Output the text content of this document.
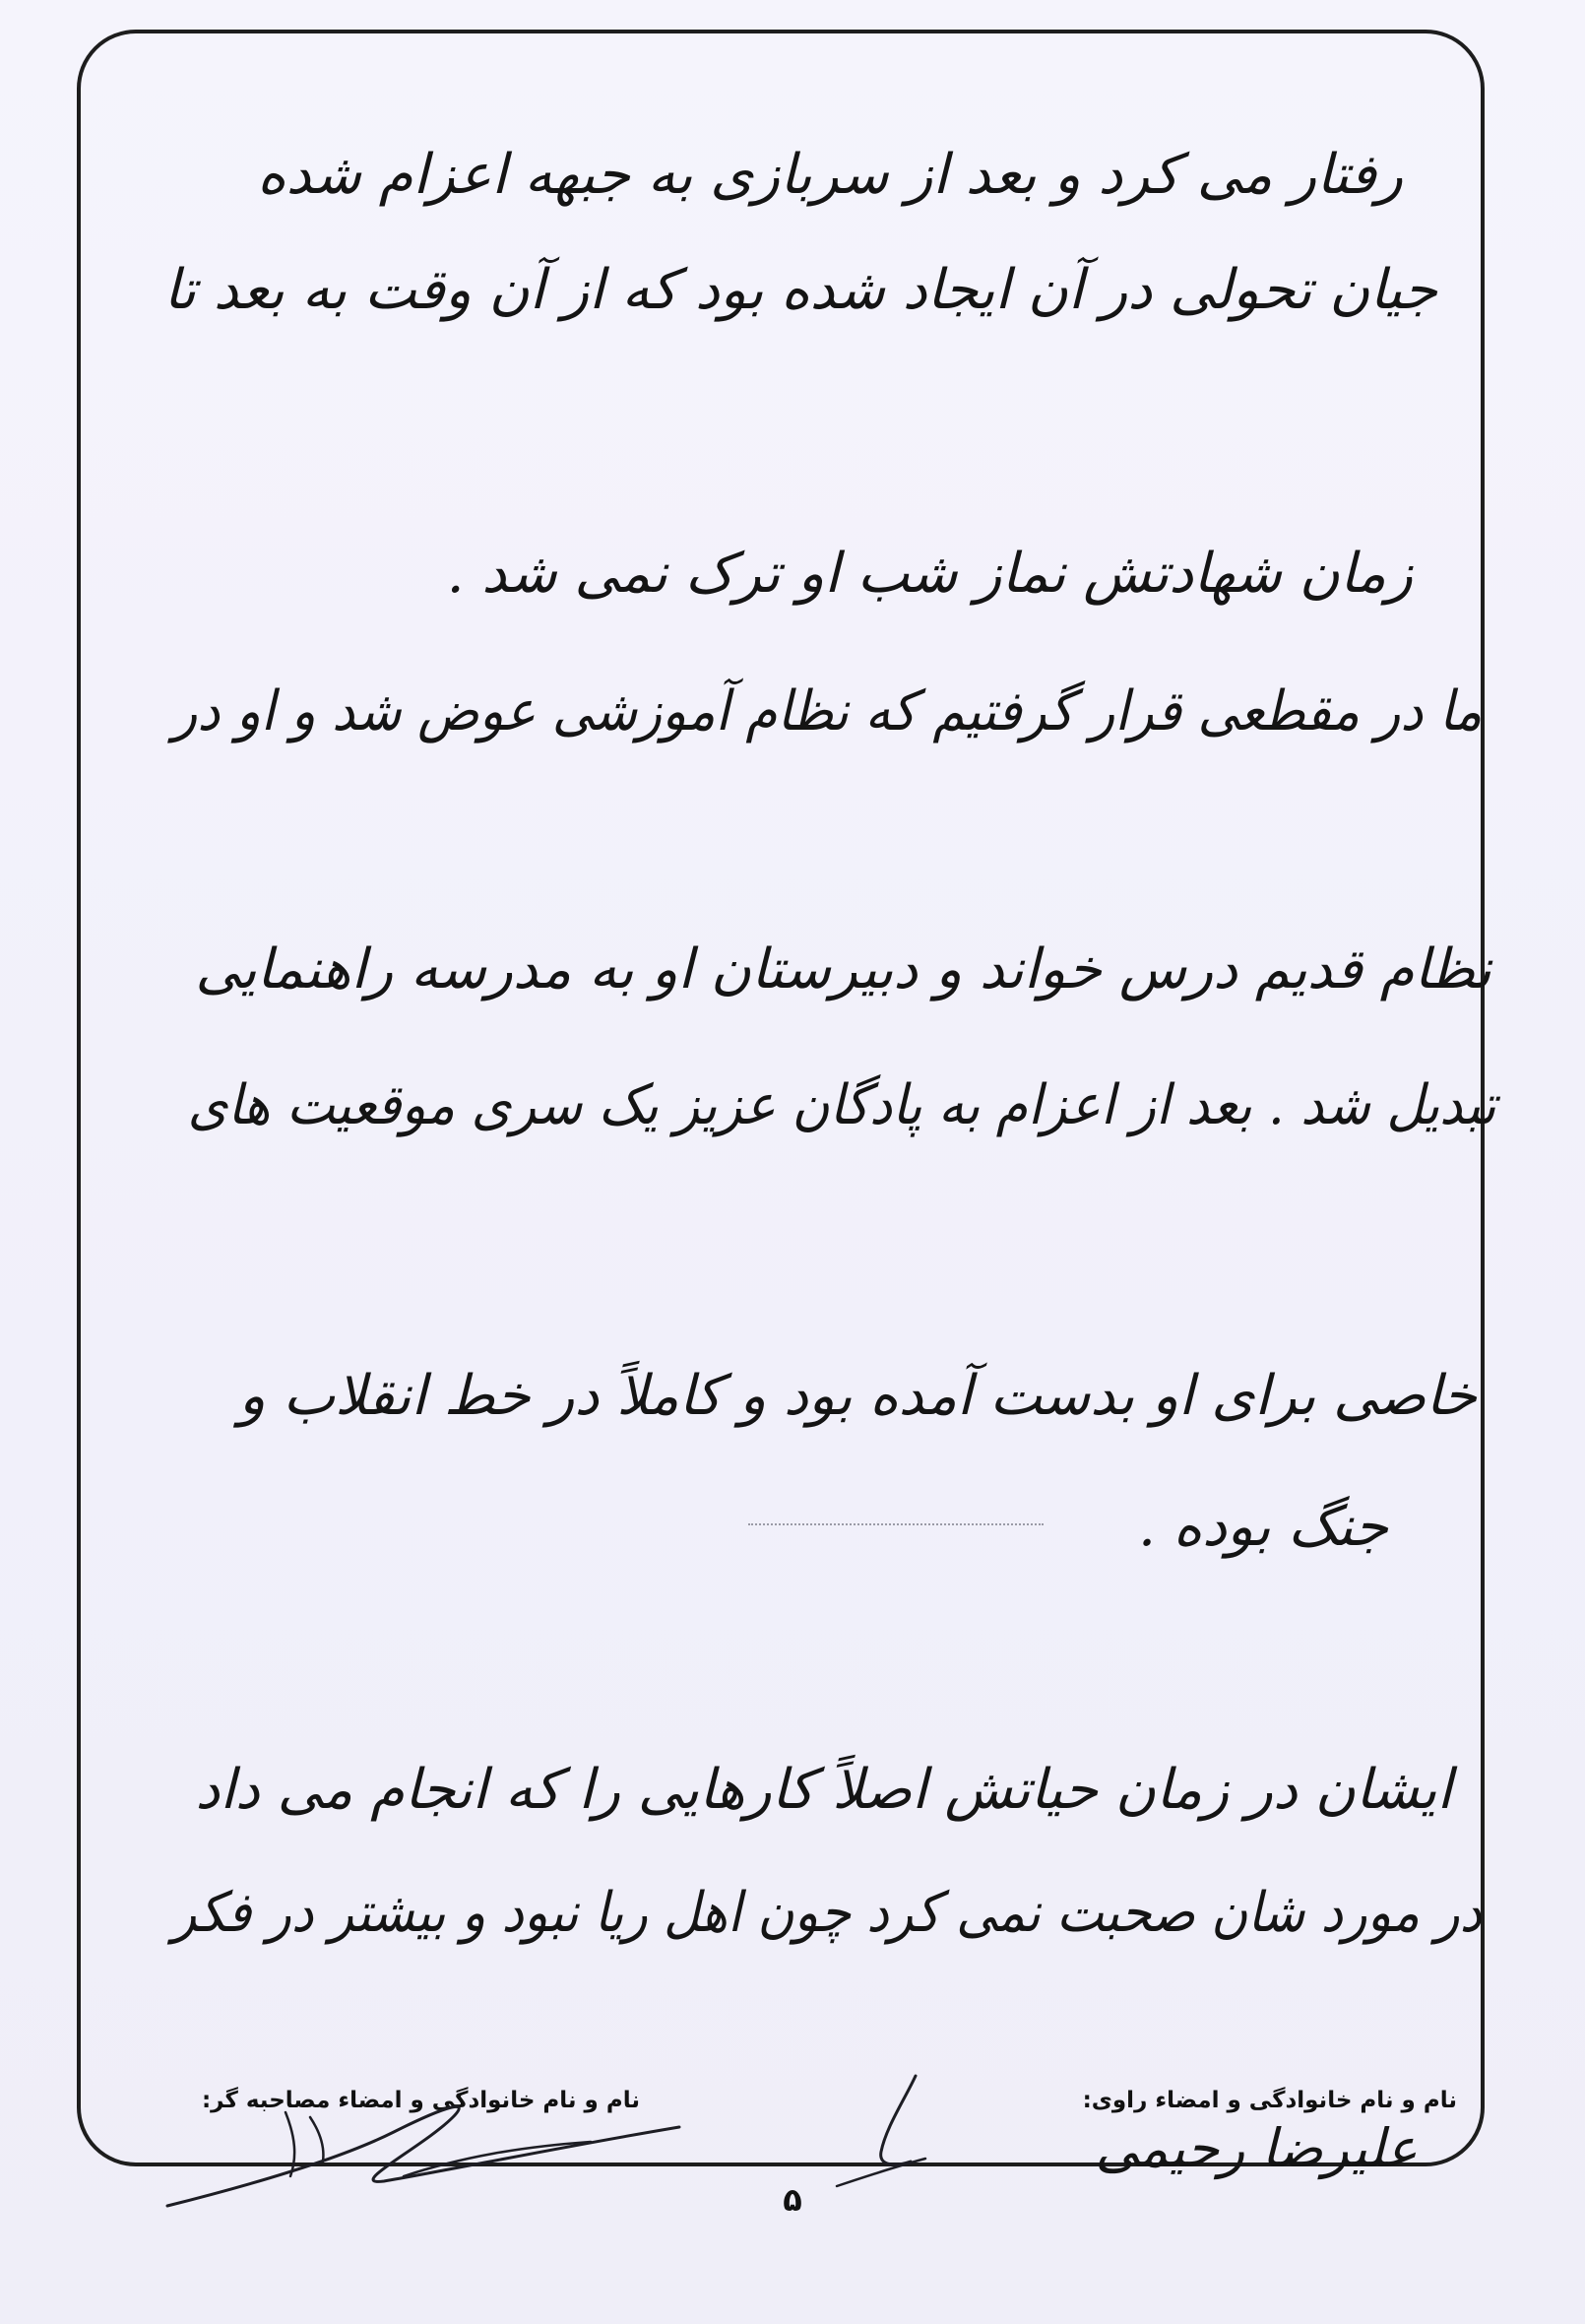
رفتار می کرد و بعد از سربازی به جبهه اعزام شده
جیان تحولی در آن ایجاد شده بود که از آن وقت به بعد تا
زمان شهادتش نماز شب او ترک نمی شد .
ما در مقطعی قرار گرفتیم که نظام آموزشی عوض شد و او در
نظام قدیم درس خواند و دبیرستان او به مدرسه راهنمایی
تبدیل شد . بعد از اعزام به پادگان عزیز یک سری موقعیت های
خاصی برای او بدست آمده بود و کاملاً در خط انقلاب و
جنگ بوده .
ایشان در زمان حیاتش اصلاً کارهایی را که انجام می داد
در مورد شان صحبت نمی کرد چون اهل ریا نبود و بیشتر در فکر
نام و نام خانوادگی و امضاء راوی:
علیرضا رحیمی
نام و نام خانوادگی و امضاء مصاحبه گر:
۵
